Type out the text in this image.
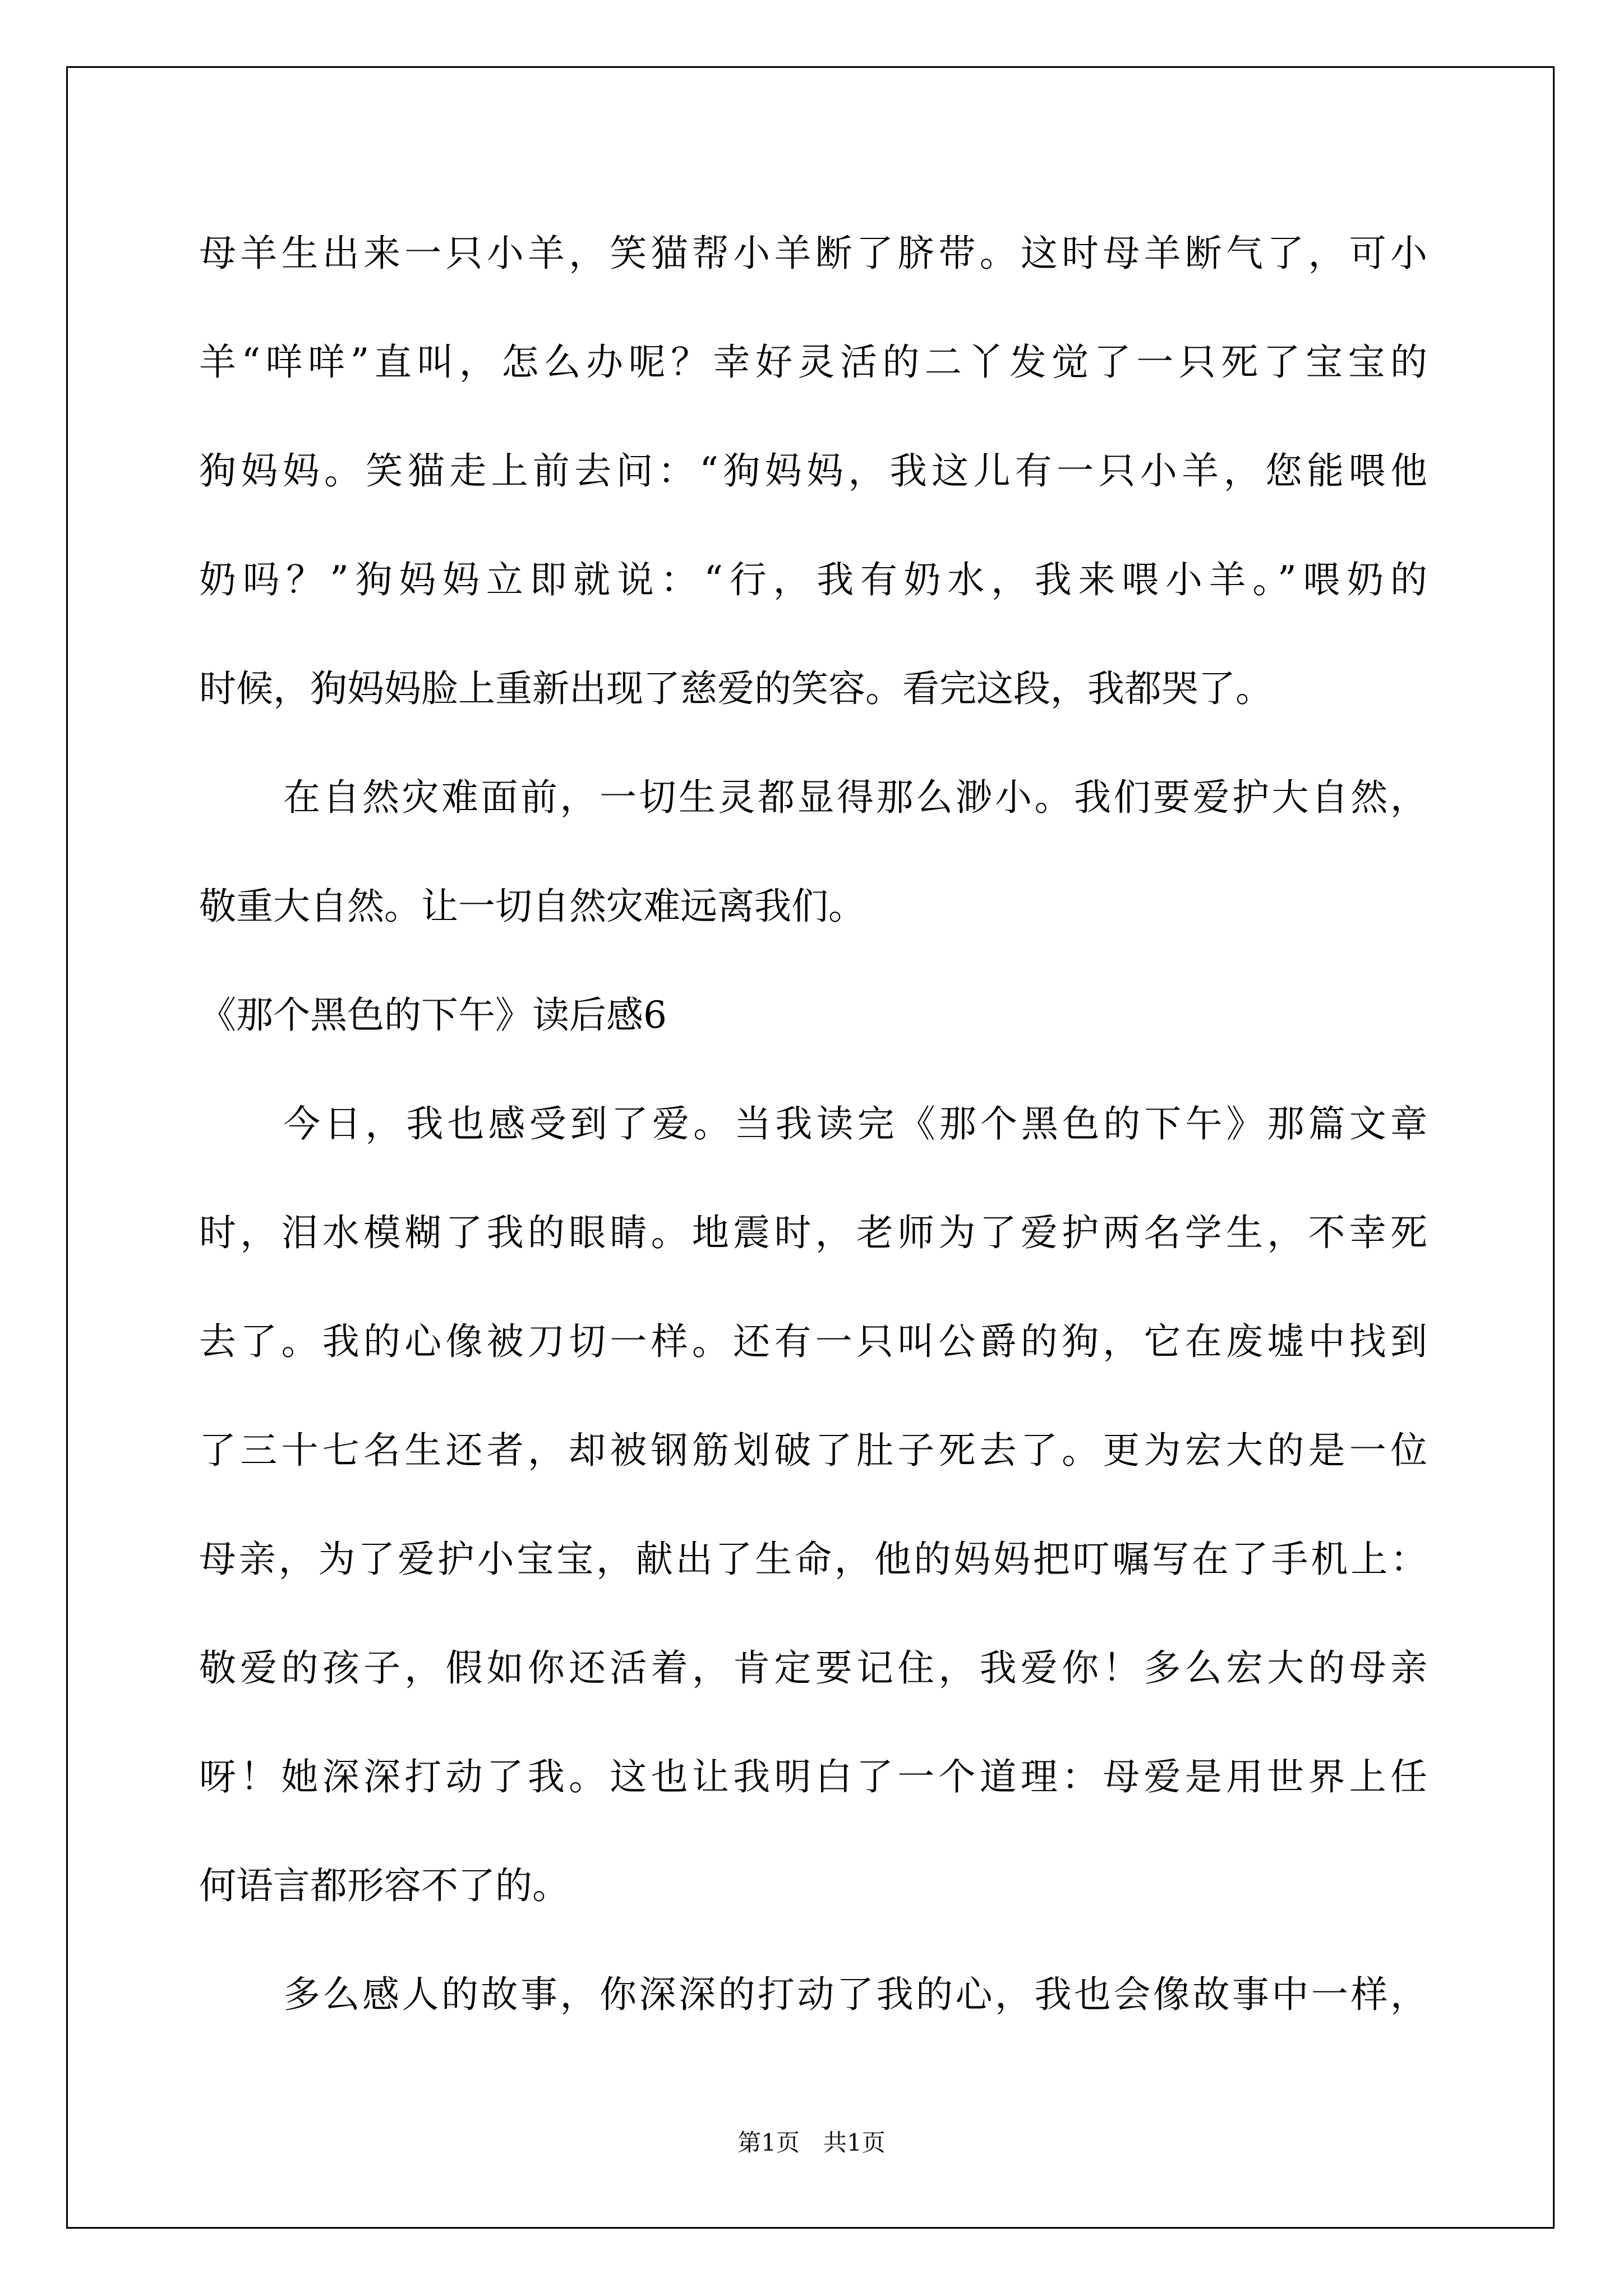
母羊生出来一只小羊，笑猫帮小羊断了脐带。这时母羊断气了，可小
羊“咩咩”直叫，怎么办呢？幸好灵活的二丫发觉了一只死了宝宝的
狗妈妈。笑猫走上前去问：“狗妈妈，我这儿有一只小羊，您能喂他
奶吗？”狗妈妈立即就说：“行，我有奶水，我来喂小羊。”喂奶的
时候，狗妈妈脸上重新出现了慈爱的笑容。看完这段，我都哭了。
在自然灾难面前，一切生灵都显得那么渺小。我们要爱护大自然，
敬重大自然。让一切自然灾难远离我们。
《那个黑色的下午》读后感6
今日，我也感受到了爱。当我读完《那个黑色的下午》那篇文章
时，泪水模糊了我的眼睛。地震时，老师为了爱护两名学生，不幸死
去了。我的心像被刀切一样。还有一只叫公爵的狗，它在废墟中找到
了三十七名生还者，却被钢筋划破了肚子死去了。更为宏大的是一位
母亲，为了爱护小宝宝，献出了生命，他的妈妈把叮嘱写在了手机上：
敬爱的孩子，假如你还活着，肯定要记住，我爱你！多么宏大的母亲
呀！她深深打动了我。这也让我明白了一个道理：母爱是用世界上任
何语言都形容不了的。
多么感人的故事，你深深的打动了我的心，我也会像故事中一样，
第1页　共1页
